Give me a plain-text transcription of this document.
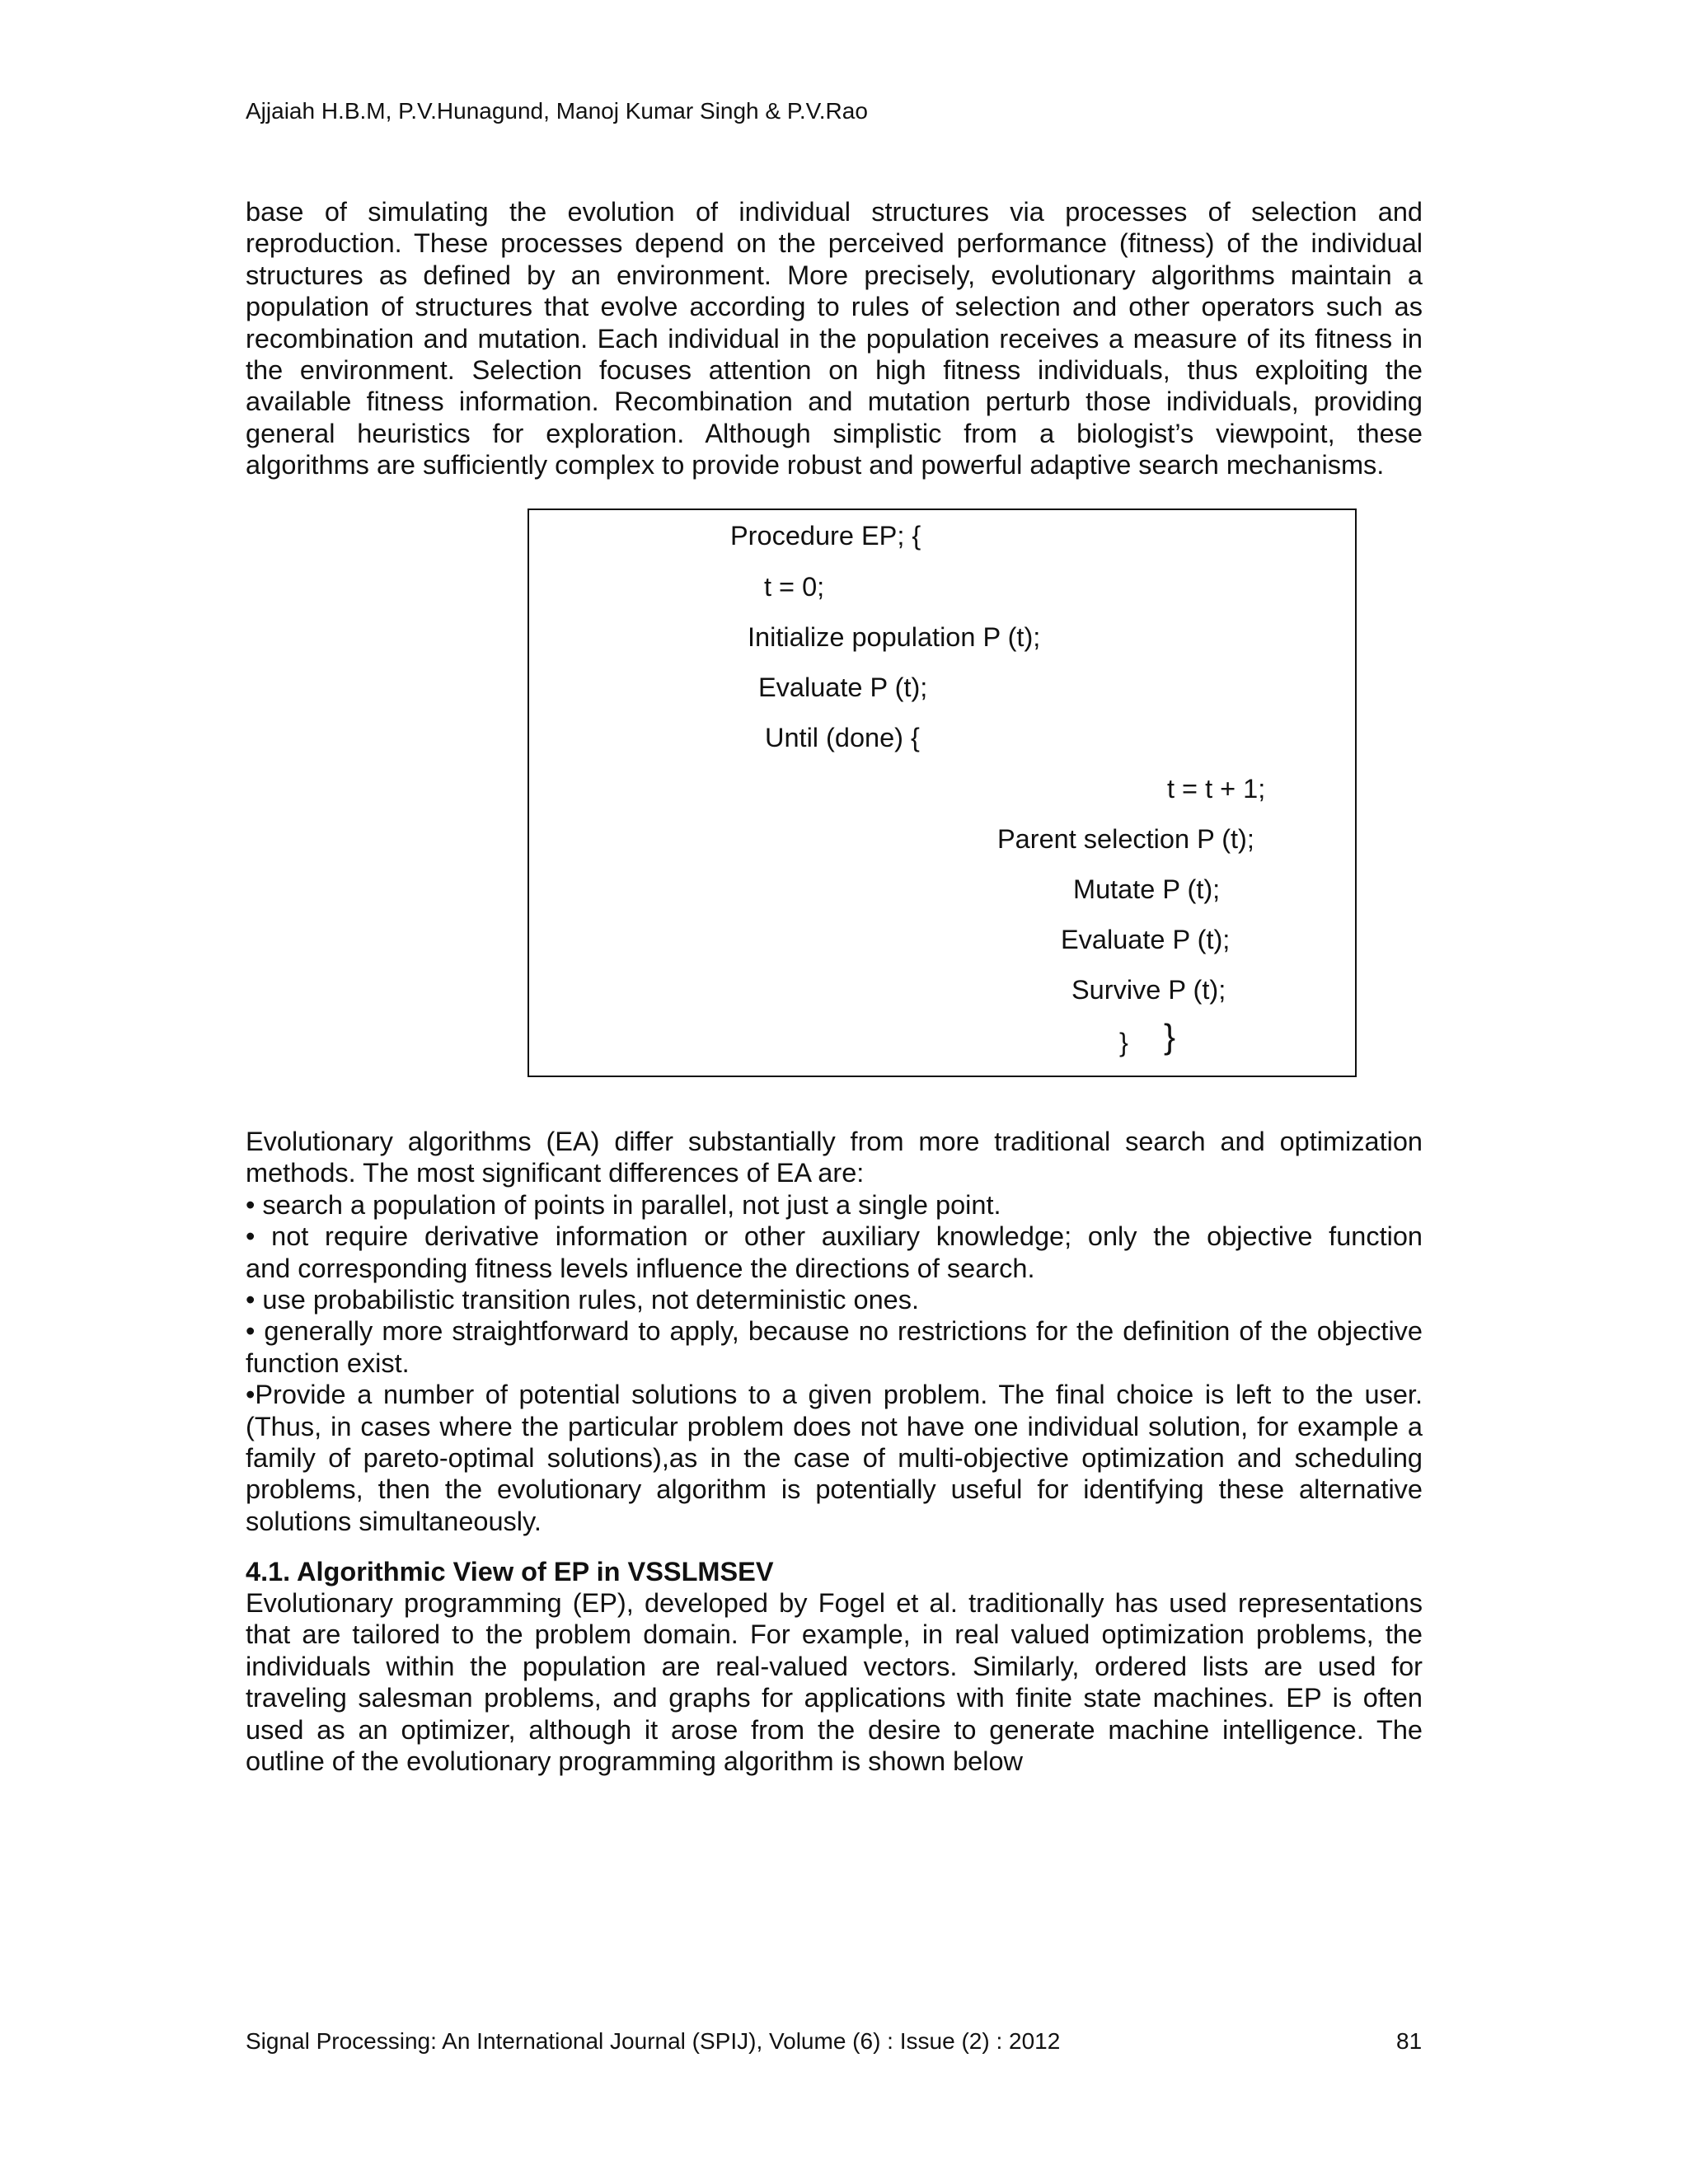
Ajjaiah H.B.M, P.V.Hunagund, Manoj Kumar Singh & P.V.Rao
base of simulating the evolution of individual structures via processes of selection and
reproduction. These processes depend on the perceived performance (fitness) of the individual
structures as defined by an environment. More precisely, evolutionary algorithms maintain a
population of structures that evolve according to rules of selection and other operators such as
recombination and mutation. Each individual in the population receives a measure of its fitness in
the environment. Selection focuses attention on high fitness individuals, thus exploiting the
available fitness information. Recombination and mutation perturb those individuals, providing
general heuristics for exploration. Although simplistic from a biologist’s viewpoint, these
algorithms are sufficiently complex to provide robust and powerful adaptive search mechanisms.
Procedure EP; {
t = 0;
Initialize population P (t);
Evaluate P (t);
Until (done) {
t = t + 1;
Parent selection P (t);
Mutate P (t);
Evaluate P (t);
Survive P (t);
} }
Evolutionary algorithms (EA) differ substantially from more traditional search and optimization
methods. The most significant differences of EA are:
• search a population of points in parallel, not just a single point.
• not require derivative information or other auxiliary knowledge; only the objective function
and corresponding fitness levels influence the directions of search.
• use probabilistic transition rules, not deterministic ones.
• generally more straightforward to apply, because no restrictions for the definition of the objective
function exist.
•Provide a number of potential solutions to a given problem. The final choice is left to the user.
(Thus, in cases where the particular problem does not have one individual solution, for example a
family of pareto-optimal solutions),as in the case of multi-objective optimization and scheduling
problems, then the evolutionary algorithm is potentially useful for identifying these alternative
solutions simultaneously.
4.1. Algorithmic View of EP in VSSLMSEV
Evolutionary programming (EP), developed by Fogel et al. traditionally has used representations
that are tailored to the problem domain. For example, in real valued optimization problems, the
individuals within the population are real-valued vectors. Similarly, ordered lists are used for
traveling salesman problems, and graphs for applications with finite state machines. EP is often
used as an optimizer, although it arose from the desire to generate machine intelligence. The
outline of the evolutionary programming algorithm is shown below
Signal Processing: An International Journal (SPIJ), Volume (6) : Issue (2) : 2012	81
